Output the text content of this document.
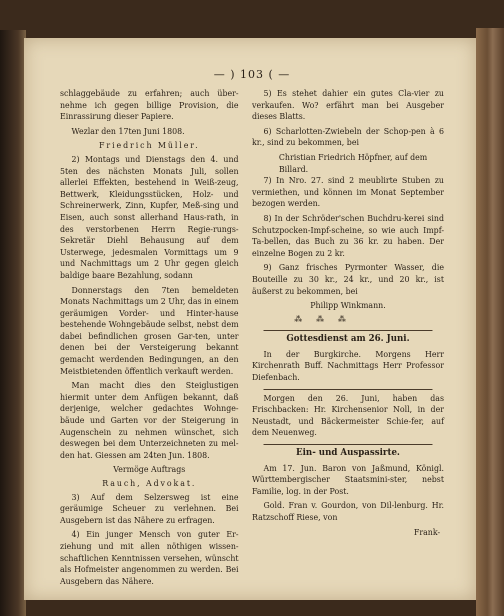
— ) 103 ( —

schlaggebäude zu erfahren; auch über-nehme ich gegen billige Provision, die Einrassirung dieser Papiere.

Wezlar den 17ten Juni 1808.

Friedrich Müller.

2) Montags und Dienstags den 4. und 5ten des nächsten Monats Juli, sollen allerlei Effekten, bestehend in Weiß-zeug, Bettwerk, Kleidungsstücken, Holz- und Schreinerwerk, Zinn, Kupfer, Meß-sing und Eisen, auch sonst allerhand Haus-rath, in des verstorbenen Herrn Regie-rungs-Sekretär Diehl Behausung auf dem Usterwege, jedesmalen Vormittags um 9 und Nachmittags um 2 Uhr gegen gleich baldige baare Bezahlung, sodann

Donnerstags den 7ten bemeldeten Monats Nachmittags um 2 Uhr, das in einem geräumigen Vorder- und Hinter-hause bestehende Wohngebäude selbst, nebst dem dabei befindlichen grosen Gar-ten, unter denen bei der Versteigerung bekannt gemacht werdenden Bedingungen, an den Meistbietenden öffentlich verkauft werden.

Man macht dies den Steiglustigen hiermit unter dem Anfügen bekannt, daß derjenige, welcher gedachtes Wohnge-bäude und Garten vor der Steigerung in Augenschein zu nehmen wünschet, sich deswegen bei dem Unterzeichneten zu mel-den hat. Giessen am 24ten Jun. 1808.

Vermöge Auftrags

Rauch, Advokat.

3) Auf dem Selzersweg ist eine geräumige Scheuer zu verlehnen. Bei Ausgebern ist das Nähere zu erfragen.

4) Ein junger Mensch von guter Er-ziehung und mit allen nöthigen wissen-schaftlichen Kenntnissen versehen, wünscht als Hofmeister angenommen zu werden. Bei Ausgebern das Nähere.

5) Es stehet dahier ein gutes Cla-vier zu verkaufen. Wo? erfährt man bei Ausgeber dieses Blatts.

6) Scharlotten-Zwiebeln der Schop-pen à 6 kr., sind zu bekommen, bei

Christian Friedrich Höpfner, auf dem Billard.

7) In Nro. 27. sind 2 meublirte Stuben zu vermiethen, und können im Monat September bezogen werden.

8) In der Schröder'schen Buchdru-kerei sind Schutzpocken-Impf-scheine, so wie auch Impf-Ta-bellen, das Buch zu 36 kr. zu haben. Der einzelne Bogen zu 2 kr.

9) Ganz frisches Pyrmonter Wasser, die Bouteille zu 30 kr., 24 kr., und 20 kr., ist äußerst zu bekommen, bei

Philipp Winkmann.

⁂ ⁂ ⁂

Gottesdienst am 26. Juni.

In der Burgkirche. Morgens Herr Kirchenrath Buff. Nachmittags Herr Professor Diefenbach.

Morgen den 26. Juni, haben das Frischbacken: Hr. Kirchensenior Noll, in der Neustadt, und Bäckermeister Schie-fer, auf dem Neuenweg.

Ein- und Auspassirte.

Am 17. Jun. Baron von Jaßmund, Königl. Württembergischer Staatsmini-ster, nebst Familie, log. in der Post.

Gold. Fran v. Gourdon, von Dil-lenburg. Hr. Ratzschoff Riese, von

Frank-
